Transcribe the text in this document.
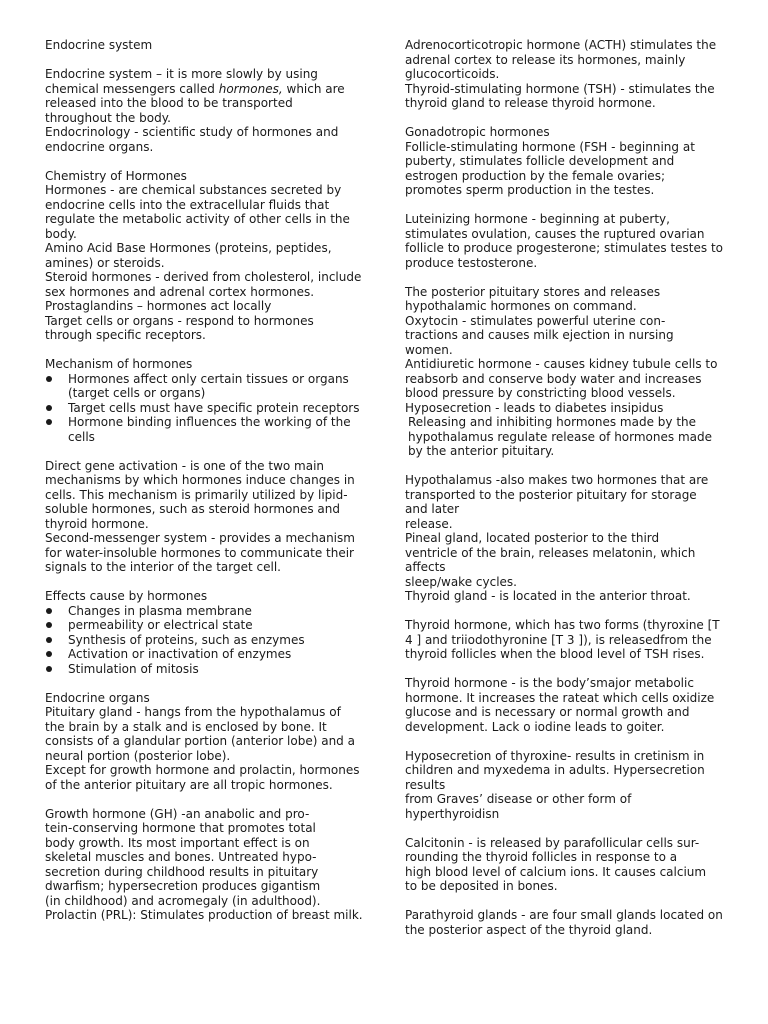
Endocrine system

Endocrine system – it is more slowly by using chemical messengers called hormones, which are released into the blood to be transported throughout the body.

Endocrinology - scientific study of hormones and endocrine organs.

Chemistry of Hormones

Hormones - are chemical substances secreted by endocrine cells into the extracellular fluids that regulate the metabolic activity of other cells in the body.

Amino Acid Base Hormones (proteins, peptides, amines) or steroids.

Steroid hormones - derived from cholesterol, include sex hormones and adrenal cortex hormones.

Prostaglandins – hormones act locally

Target cells or organs - respond to hormones through specific receptors.

Mechanism of hormones

Hormones affect only certain tissues or organs (target cells or organs)
Target cells must have specific protein receptors
Hormone binding influences the working of the cells

Direct gene activation - is one of the two main mechanisms by which hormones induce changes in cells. This mechanism is primarily utilized by lipid-soluble hormones, such as steroid hormones and thyroid hormone.

Second-messenger system - provides a mechanism for water-insoluble hormones to communicate their signals to the interior of the target cell.

Effects cause by hormones

Changes in plasma membrane
permeability or electrical state
Synthesis of proteins, such as enzymes
Activation or inactivation of enzymes
Stimulation of mitosis

Endocrine organs

Pituitary gland - hangs from the hypothalamus of the brain by a stalk and is enclosed by bone. It consists of a glandular portion (anterior lobe) and a neural portion (posterior lobe).

Except for growth hormone and prolactin, hormones of the anterior pituitary are all tropic hormones.

Growth hormone (GH) -an anabolic and pro-
tein-conserving hormone that promotes total
body growth. Its most important effect is on
skeletal muscles and bones. Untreated hypo-
secretion during childhood results in pituitary
dwarfism; hypersecretion produces gigantism
(in childhood) and acromegaly (in adulthood).

Prolactin (PRL): Stimulates production of breast milk.

Adrenocorticotropic hormone (ACTH) stimulates the adrenal cortex to release its hormones, mainly glucocorticoids.

Thyroid-stimulating hormone (TSH) - stimulates the thyroid gland to release thyroid hormone.

Gonadotropic hormones

Follicle-stimulating hormone (FSH - beginning at puberty, stimulates follicle development and estrogen production by the female ovaries; promotes sperm production in the testes.

Luteinizing hormone - beginning at puberty, stimulates ovulation, causes the ruptured ovarian follicle to produce progesterone; stimulates testes to produce testosterone.

The posterior pituitary stores and releases hypothalamic hormones on command.

Oxytocin - stimulates powerful uterine con-
tractions and causes milk ejection in nursing
women.

Antidiuretic hormone - causes kidney tubule cells to reabsorb and conserve body water and increases blood pressure by constricting blood vessels.

Hyposecretion - leads to diabetes insipidus

Releasing and inhibiting hormones made by the hypothalamus regulate release of hormones made by the anterior pituitary.

Hypothalamus -also makes two hormones that are
transported to the posterior pituitary for storage
and later
release.
Pineal gland, located posterior to the third
ventricle of the brain, releases melatonin, which
affects
sleep/wake cycles.

Thyroid gland - is located in the anterior throat.

Thyroid hormone, which has two forms (thyroxine [T 4 ] and triiodothyronine [T 3 ]), is releasedfrom the thyroid follicles when the blood level of TSH rises.

Thyroid hormone - is the body’smajor metabolic hormone. It increases the rateat which cells oxidize glucose and is necessary or normal growth and development. Lack o iodine leads to goiter.

Hyposecretion of thyroxine- results in cretinism in
children and myxedema in adults. Hypersecretion
results
from Graves’ disease or other form of
hyperthyroidisn
Calcitonin - is released by parafollicular cells sur-
rounding the thyroid follicles in response to a
high blood level of calcium ions. It causes calcium
to be deposited in bones.

Parathyroid glands - are four small glands located on the posterior aspect of the thyroid gland.
